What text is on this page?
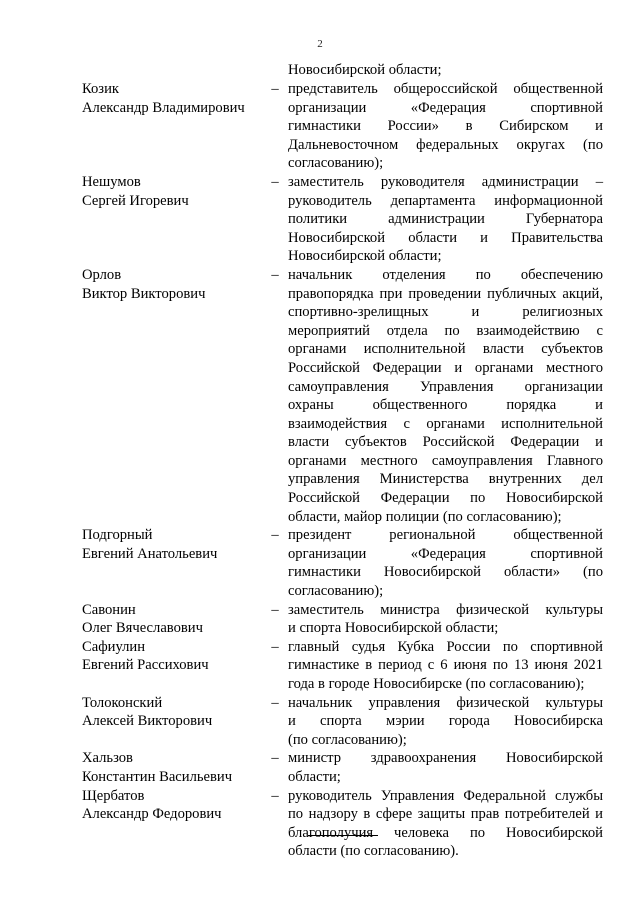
2
Новосибирской области;
Козик
Александр Владимирович
– представитель общероссийской общественной
организации «Федерация спортивной
гимнастики России» в Сибирском и
Дальневосточном федеральных округах (по
согласованию);
Нешумов
Сергей Игоревич
– заместитель руководителя администрации –
руководитель департамента информационной
политики администрации Губернатора
Новосибирской области и Правительства
Новосибирской области;
Орлов
Виктор Викторович
– начальник отделения по обеспечению
правопорядка при проведении публичных акций,
спортивно-зрелищных и религиозных
мероприятий отдела по взаимодействию с
органами исполнительной власти субъектов
Российской Федерации и органами местного
самоуправления Управления организации
охраны общественного порядка и
взаимодействия с органами исполнительной
власти субъектов Российской Федерации и
органами местного самоуправления Главного
управления Министерства внутренних дел
Российской Федерации по Новосибирской
области, майор полиции (по согласованию);
Подгорный
Евгений Анатольевич
– президент региональной общественной
организации «Федерация спортивной
гимнастики Новосибирской области» (по
согласованию);
Савонин
Олег Вячеславович
– заместитель министра физической культуры
и спорта Новосибирской области;
Сафиулин
Евгений Рассихович
– главный судья Кубка России по спортивной
гимнастике в период с 6 июня по 13 июня 2021
года в городе Новосибирске (по согласованию);
Толоконский
Алексей Викторович
– начальник управления физической культуры
и спорта мэрии города Новосибирска
(по согласованию);
Хальзов
Константин Васильевич
– министр здравоохранения Новосибирской
области;
Щербатов
Александр Федорович
– руководитель Управления Федеральной службы
по надзору в сфере защиты прав потребителей и
благополучия человека по Новосибирской
области (по согласованию).
